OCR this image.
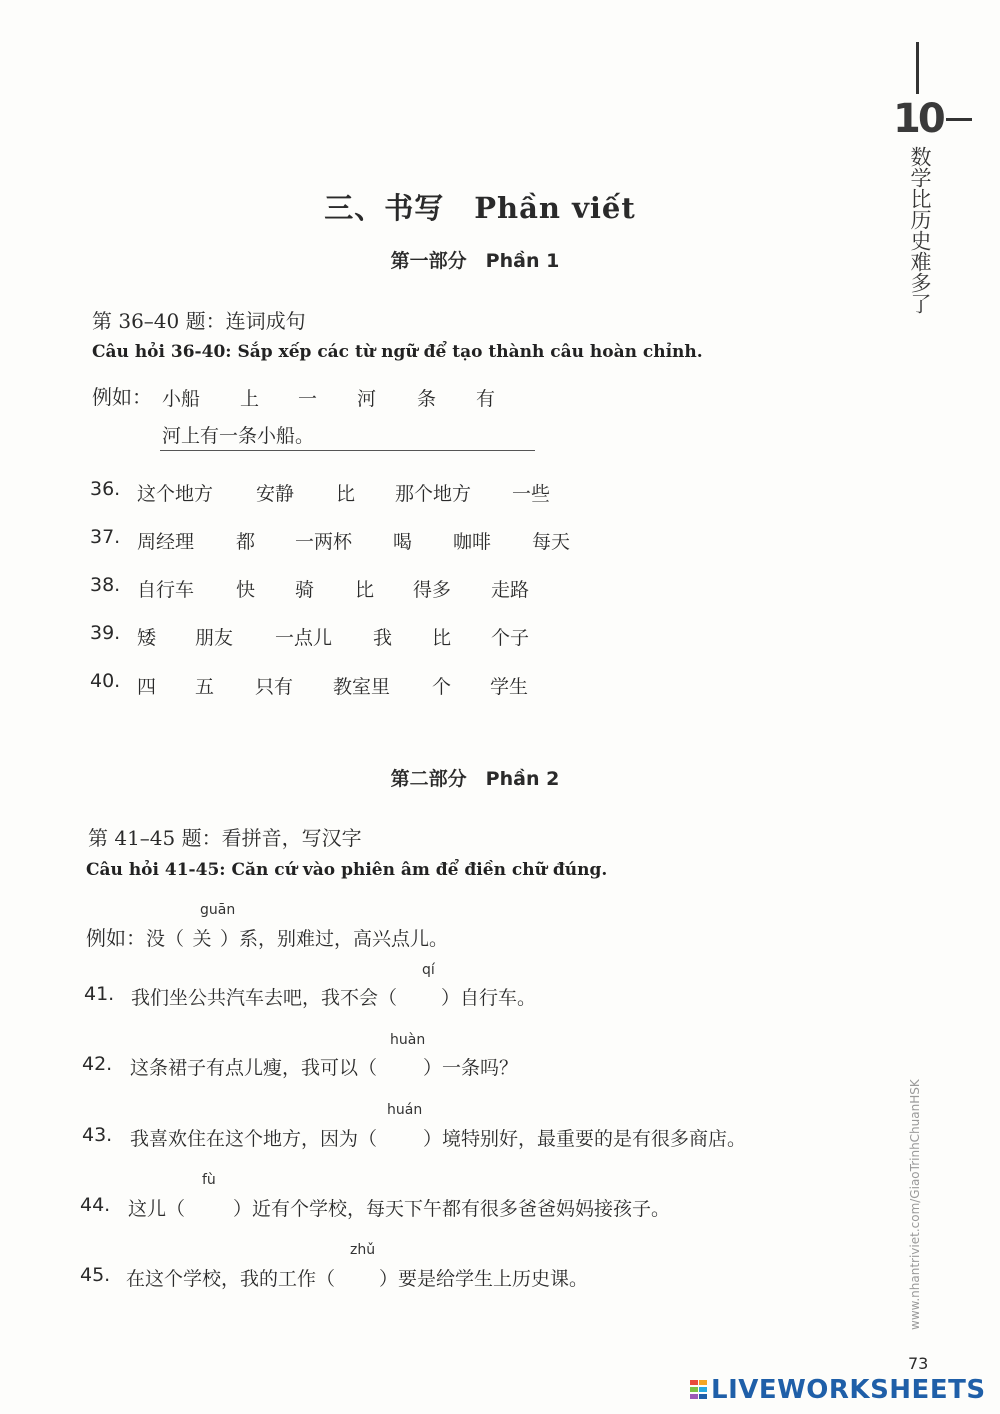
10
数学比历史难多了
www.nhantriviet.com/GiaoTrinhChuanHSK
三、书写　Phần viết
第一部分　Phần 1
第 36–40 题：连词成句
Câu hỏi 36-40: Sắp xếp các từ ngữ để tạo thành câu hoàn chỉnh.
例如： 小船 上 一 河 条 有
河上有一条小船。
36. 这个地方 安静 比 那个地方 一些
37. 周经理 都 一两杯 喝 咖啡 每天
38. 自行车 快 骑 比 得多 走路
39. 矮 朋友 一点儿 我 比 个子
40. 四 五 只有 教室里 个 学生
第二部分　Phần 2
第 41–45 题：看拼音，写汉字
Câu hỏi 41-45: Căn cứ vào phiên âm để điền chữ đúng.
guān
例如：没（ 关 ）系，别难过，高兴点儿。
qí
41. 我们坐公共汽车去吧，我不会（ ）自行车。
huàn
42. 这条裙子有点儿瘦，我可以（ ）一条吗？
huán
43. 我喜欢住在这个地方，因为（ ）境特别好，最重要的是有很多商店。
fù
44. 这儿（	）近有个学校，每天下午都有很多爸爸妈妈接孩子。
zhǔ
45. 在这个学校，我的工作（ ）要是给学生上历史课。
73
LIVEWORKSHEETS
